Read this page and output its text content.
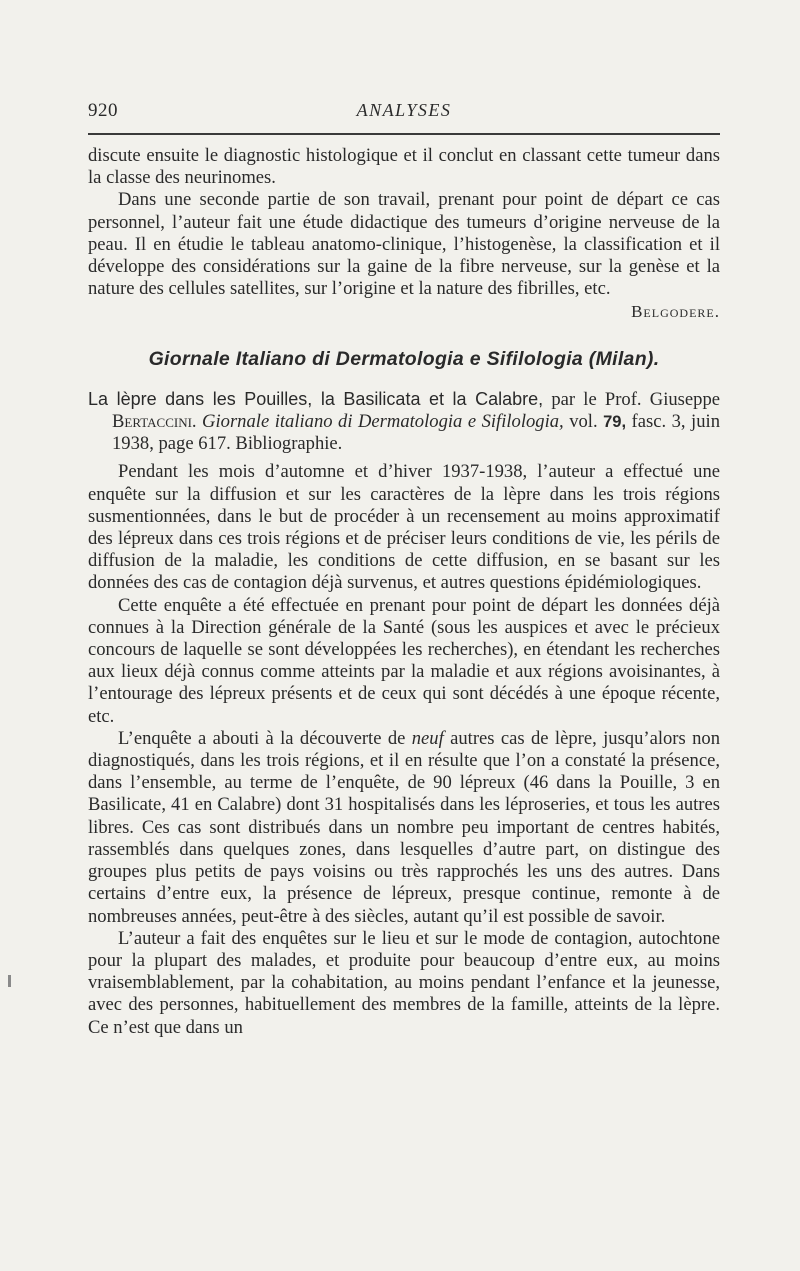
920	ANALYSES

discute ensuite le diagnostic histologique et il conclut en classant cette tumeur dans la classe des neurinomes.

Dans une seconde partie de son travail, prenant pour point de départ ce cas personnel, l’auteur fait une étude didactique des tumeurs d’origine nerveuse de la peau. Il en étudie le tableau anatomo-clinique, l’histogenèse, la classification et il développe des considérations sur la gaine de la fibre nerveuse, sur la genèse et la nature des cellules satellites, sur l’origine et la nature des fibrilles, etc.

Belgodere.

Giornale Italiano di Dermatologia e Sifilologia (Milan).

La lèpre dans les Pouilles, la Basilicata et la Calabre, par le Prof. Giuseppe Bertaccini. Giornale italiano di Dermatologia e Sifilologia, vol. 79, fasc. 3, juin 1938, page 617. Bibliographie.

Pendant les mois d’automne et d’hiver 1937-1938, l’auteur a effectué une enquête sur la diffusion et sur les caractères de la lèpre dans les trois régions susmentionnées, dans le but de procéder à un recensement au moins approximatif des lépreux dans ces trois régions et de préciser leurs conditions de vie, les périls de diffusion de la maladie, les conditions de cette diffusion, en se basant sur les données des cas de contagion déjà survenus, et autres questions épidémiologiques.

Cette enquête a été effectuée en prenant pour point de départ les données déjà connues à la Direction générale de la Santé (sous les auspices et avec le précieux concours de laquelle se sont développées les recherches), en étendant les recherches aux lieux déjà connus comme atteints par la maladie et aux régions avoisinantes, à l’entourage des lépreux présents et de ceux qui sont décédés à une époque récente, etc.

L’enquête a abouti à la découverte de neuf autres cas de lèpre, jusqu’alors non diagnostiqués, dans les trois régions, et il en résulte que l’on a constaté la présence, dans l’ensemble, au terme de l’enquête, de 90 lépreux (46 dans la Pouille, 3 en Basilicate, 41 en Calabre) dont 31 hospitalisés dans les léproseries, et tous les autres libres. Ces cas sont distribués dans un nombre peu important de centres habités, rassemblés dans quelques zones, dans lesquelles d’autre part, on distingue des groupes plus petits de pays voisins ou très rapprochés les uns des autres. Dans certains d’entre eux, la présence de lépreux, presque continue, remonte à de nombreuses années, peut-être à des siècles, autant qu’il est possible de savoir.

L’auteur a fait des enquêtes sur le lieu et sur le mode de contagion, autochtone pour la plupart des malades, et produite pour beaucoup d’entre eux, au moins vraisemblablement, par la cohabitation, au moins pendant l’enfance et la jeunesse, avec des personnes, habituellement des membres de la famille, atteints de la lèpre. Ce n’est que dans un
